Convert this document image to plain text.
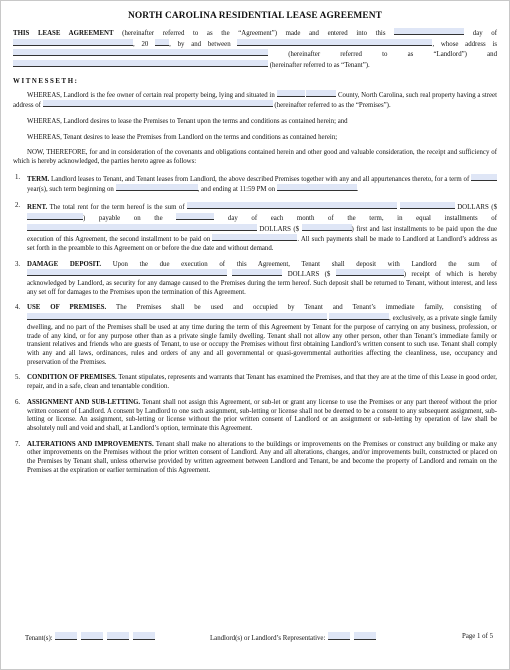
NORTH CAROLINA RESIDENTIAL LEASE AGREEMENT

THIS LEASE AGREEMENT (hereinafter referred to as the “Agreement”) made and entered into this	day of , 20	, by and between	, whose address is  (hereinafter referred to as “Landlord”) and  (hereinafter referred to as “Tenant”).

WITNESSETH:

WHEREAS, Landlord is the fee owner of certain real property being, lying and situated in	County, North Carolina, such real property having a street address of	(hereinafter referred to as the “Premises”).

WHEREAS, Landlord desires to lease the Premises to Tenant upon the terms and conditions as contained herein; and

WHEREAS, Tenant desires to lease the Premises from Landlord on the terms and conditions as contained herein;

NOW, THEREFORE, for and in consideration of the covenants and obligations contained herein and other good and valuable consideration, the receipt and sufficiency of which is hereby acknowledged, the parties hereto agree as follows:

1. TERM. Landlord leases to Tenant, and Tenant leases from Landlord, the above described Premises together with any and all appurtenances thereto, for a term of  year(s), such term beginning on	, and ending at 11:59 PM on	.

2. RENT. The total rent for the term hereof is the sum of	DOLLARS ($ ) payable on the	day of each month of the term, in equal installments of  DOLLARS ($	) first and last installments to be paid upon the due execution of this Agreement, the second installment to be paid on	. All such payments shall be made to Landlord at Landlord’s address as set forth in the preamble to this Agreement on or before the due date and without demand.

3. DAMAGE DEPOSIT. Upon the due execution of this Agreement, Tenant shall deposit with Landlord the sum of   DOLLARS ($	) receipt of which is hereby acknowledged by Landlord, as security for any damage caused to the Premises during the term hereof. Such deposit shall be returned to Tenant, without interest, and less any set off for damages to the Premises upon the termination of this Agreement.

4. USE OF PREMISES. The Premises shall be used and occupied by Tenant and Tenant’s immediate family, consisting of  , exclusively, as a private single family dwelling, and no part of the Premises shall be used at any time during the term of this Agreement by Tenant for the purpose of carrying on any business, profession, or trade of any kind, or for any purpose other than as a private single family dwelling. Tenant shall not allow any other person, other than Tenant’s immediate family or transient relatives and friends who are guests of Tenant, to use or occupy the Premises without first obtaining Landlord’s written consent to such use. Tenant shall comply with any and all laws, ordinances, rules and orders of any and all governmental or quasi-governmental authorities affecting the cleanliness, use, occupancy and preservation of the Premises.

5. CONDITION OF PREMISES. Tenant stipulates, represents and warrants that Tenant has examined the Premises, and that they are at the time of this Lease in good order, repair, and in a safe, clean and tenantable condition.

6. ASSIGNMENT AND SUB-LETTING. Tenant shall not assign this Agreement, or sub-let or grant any license to use the Premises or any part thereof without the prior written consent of Landlord. A consent by Landlord to one such assignment, sub-letting or license shall not be deemed to be a consent to any subsequent assignment, sub-letting or license. An assignment, sub-letting or license without the prior written consent of Landlord or an assignment or sub-letting by operation of law shall be absolutely null and void and shall, at Landlord’s option, terminate this Agreement.

7. ALTERATIONS AND IMPROVEMENTS. Tenant shall make no alterations to the buildings or improvements on the Premises or construct any building or make any other improvements on the Premises without the prior written consent of Landlord. Any and all alterations, changes, and/or improvements built, constructed or placed on the Premises by Tenant shall, unless otherwise provided by written agreement between Landlord and Tenant, be and become the property of Landlord and remain on the Premises at the expiration or earlier termination of this Agreement.

Tenant(s):	Landlord(s) or Landlord’s Representative:	Page 1 of 5
